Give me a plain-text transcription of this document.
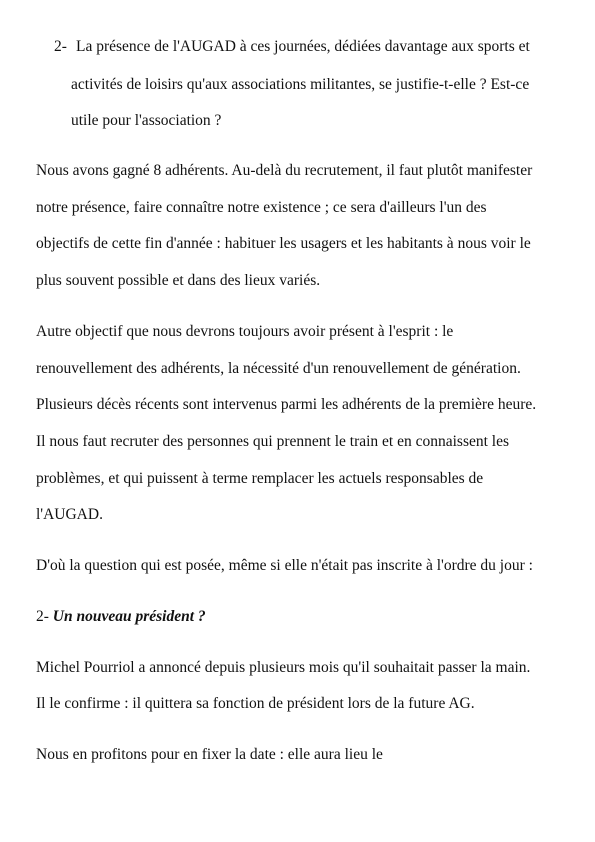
2- La présence de l'AUGAD à ces journées, dédiées davantage aux sports et
activités de loisirs qu'aux associations militantes, se justifie-t-elle ? Est-ce
utile pour l'association ?
Nous avons gagné 8 adhérents. Au-delà du recrutement, il faut plutôt manifester
notre présence, faire connaître notre existence ; ce sera d'ailleurs l'un des
objectifs de cette fin d'année : habituer les usagers et les habitants à nous voir le
plus souvent possible et dans des lieux variés.
Autre objectif que nous devrons toujours avoir présent à l'esprit : le
renouvellement des adhérents, la nécessité d'un renouvellement de génération.
Plusieurs décès récents sont intervenus parmi les adhérents de la première heure.
Il nous faut recruter des personnes qui prennent le train et en connaissent les
problèmes, et qui puissent à terme remplacer les actuels responsables de
l'AUGAD.
D'où la question qui est posée, même si elle n'était pas inscrite à l'ordre du jour :
2- Un nouveau président ?
Michel Pourriol a annoncé depuis plusieurs mois qu'il souhaitait passer la main.
Il le confirme : il quittera sa fonction de président lors de la future AG.
Nous en profitons pour en fixer la date : elle aura lieu le
